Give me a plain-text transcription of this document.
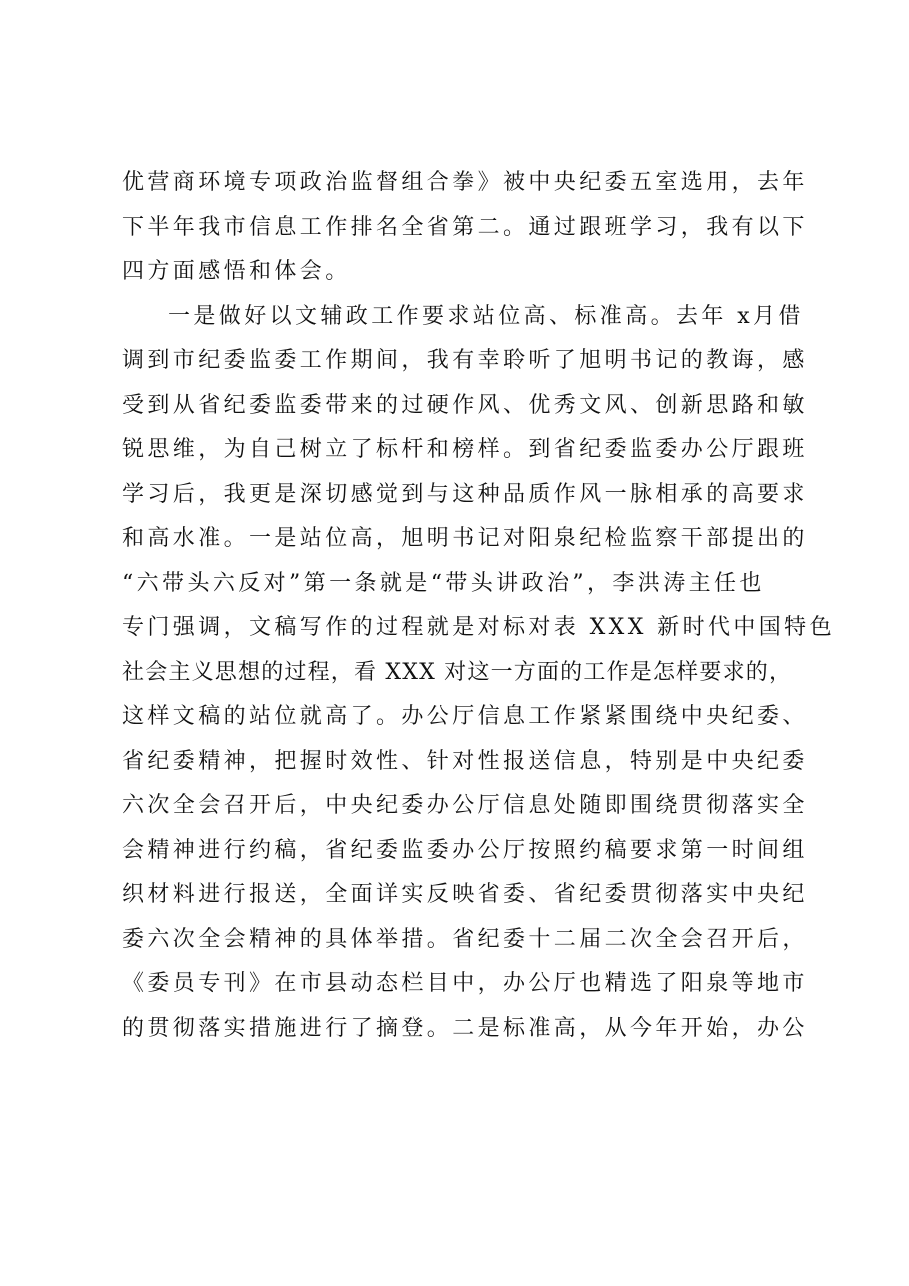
优营商环境专项政治监督组合拳》被中央纪委五室选用，去年
下半年我市信息工作排名全省第二。通过跟班学习，我有以下
四方面感悟和体会。
一是做好以文辅政工作要求站位高、标准高。去年 x月借
调到市纪委监委工作期间，我有幸聆听了旭明书记的教诲，感
受到从省纪委监委带来的过硬作风、优秀文风、创新思路和敏
锐思维，为自己树立了标杆和榜样。到省纪委监委办公厅跟班
学习后，我更是深切感觉到与这种品质作风一脉相承的高要求
和高水准。一是站位高，旭明书记对阳泉纪检监察干部提出的
“六带头六反对”第一条就是“带头讲政治”，李洪涛主任也
专门强调，文稿写作的过程就是对标对表 XXX 新时代中国特色
社会主义思想的过程，看 XXX 对这一方面的工作是怎样要求的，
这样文稿的站位就高了。办公厅信息工作紧紧围绕中央纪委、
省纪委精神，把握时效性、针对性报送信息，特别是中央纪委
六次全会召开后，中央纪委办公厅信息处随即围绕贯彻落实全
会精神进行约稿，省纪委监委办公厅按照约稿要求第一时间组
织材料进行报送，全面详实反映省委、省纪委贯彻落实中央纪
委六次全会精神的具体举措。省纪委十二届二次全会召开后，
《委员专刊》在市县动态栏目中，办公厅也精选了阳泉等地市
的贯彻落实措施进行了摘登。二是标准高，从今年开始，办公
